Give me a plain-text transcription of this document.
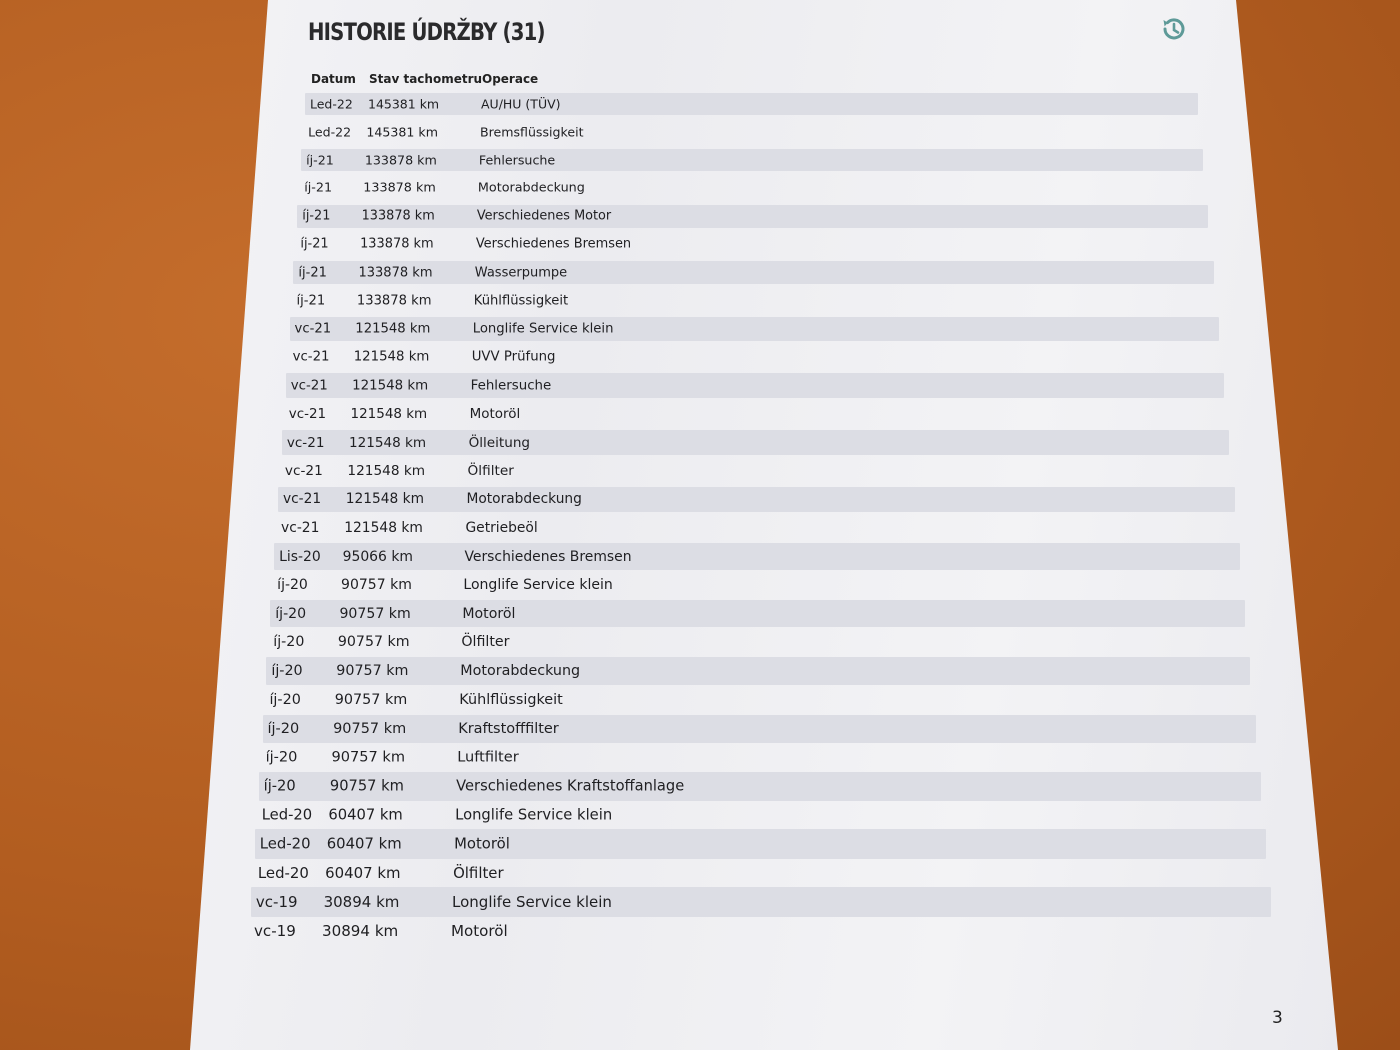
HISTORIE ÚDRŽBY (31)
Datum Stav tachometru Operace
Led-22 145381 km	AU/HU (TÜV)
Led-22 145381 km	Bremsflüssigkeit
íj-21 133878 km	Fehlersuche
íj-21 133878 km	Motorabdeckung
íj-21 133878 km	Verschiedenes Motor
íj-21 133878 km	Verschiedenes Bremsen
íj-21 133878 km	Wasserpumpe
íj-21 133878 km	Kühlflüssigkeit
vc-21 121548 km	Longlife Service klein
vc-21 121548 km	UVV Prüfung
vc-21 121548 km	Fehlersuche
vc-21 121548 km	Motoröl
vc-21 121548 km	Ölleitung
vc-21 121548 km	Ölfilter
vc-21 121548 km	Motorabdeckung
vc-21 121548 km	Getriebeöl
Lis-20 95066 km	Verschiedenes Bremsen
íj-20 90757 km	Longlife Service klein
íj-20 90757 km	Motoröl
íj-20 90757 km	Ölfilter
íj-20 90757 km	Motorabdeckung
íj-20 90757 km	Kühlflüssigkeit
íj-20 90757 km	Kraftstofffilter
íj-20 90757 km	Luftfilter
íj-20 90757 km	Verschiedenes Kraftstoffanlage
Led-20 60407 km	Longlife Service klein
Led-20 60407 km	Motoröl
Led-20 60407 km	Ölfilter
vc-19 30894 km	Longlife Service klein
vc-19 30894 km	Motoröl
3
